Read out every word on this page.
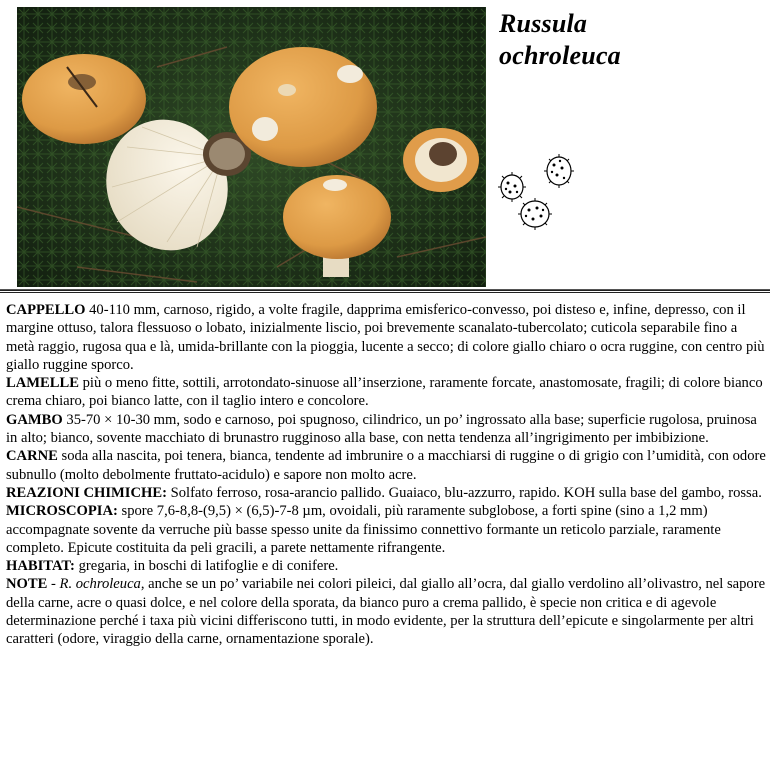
Russula
ochroleuca

CAPPELLO 40-110 mm, carnoso, rigido, a volte fragile, dapprima emisferico-convesso, poi disteso e, infine, depresso, con il margine ottuso, talora flessuoso o lobato, inizialmente liscio, poi brevemente scanalato-tubercolato; cuticola separabile fino a metà raggio, rugosa qua e là, umida-brillante con la pioggia, lucente a secco; di colore giallo chiaro o ocra ruggine, con centro più giallo ruggine sporco.

LAMELLE più o meno fitte, sottili, arrotondato-sinuose all’inserzione, raramente forcate, anastomosate, fragili; di colore bianco crema chiaro, poi bianco latte, con il taglio intero e concolore.

GAMBO 35-70 × 10-30 mm, sodo e carnoso, poi spugnoso, cilindrico, un po’ ingrossato alla base; superficie rugolosa, pruinosa in alto; bianco, sovente macchiato di brunastro rugginoso alla base, con netta tendenza all’ingrigimento per imbibizione.

CARNE soda alla nascita, poi tenera, bianca, tendente ad imbrunire o a macchiarsi di ruggine o di grigio con l’umidità, con odore subnullo (molto debolmente fruttato-acidulo) e sapore non molto acre.

REAZIONI CHIMICHE: Solfato ferroso, rosa-arancio pallido. Guaiaco, blu-azzurro, rapido. KOH sulla base del gambo, rossa.

MICROSCOPIA: spore 7,6-8,8-(9,5) × (6,5)-7-8 µm, ovoidali, più raramente subglobose, a forti spine (sino a 1,2 mm) accompagnate sovente da verruche più basse spesso unite da finissimo connettivo formante un reticolo parziale, raramente completo. Epicute costituita da peli gracili, a parete nettamente rifrangente.

HABITAT: gregaria, in boschi di latifoglie e di conifere.

NOTE - R. ochroleuca, anche se un po’ variabile nei colori pileici, dal giallo all’ocra, dal giallo verdolino all’olivastro, nel sapore della carne, acre o quasi dolce, e nel colore della sporata, da bianco puro a crema pallido, è specie non critica e di agevole determinazione perché i taxa più vicini differiscono tutti, in modo evidente, per la struttura dell’epicute e singolarmente per altri caratteri (odore, viraggio della carne, ornamentazione sporale).
